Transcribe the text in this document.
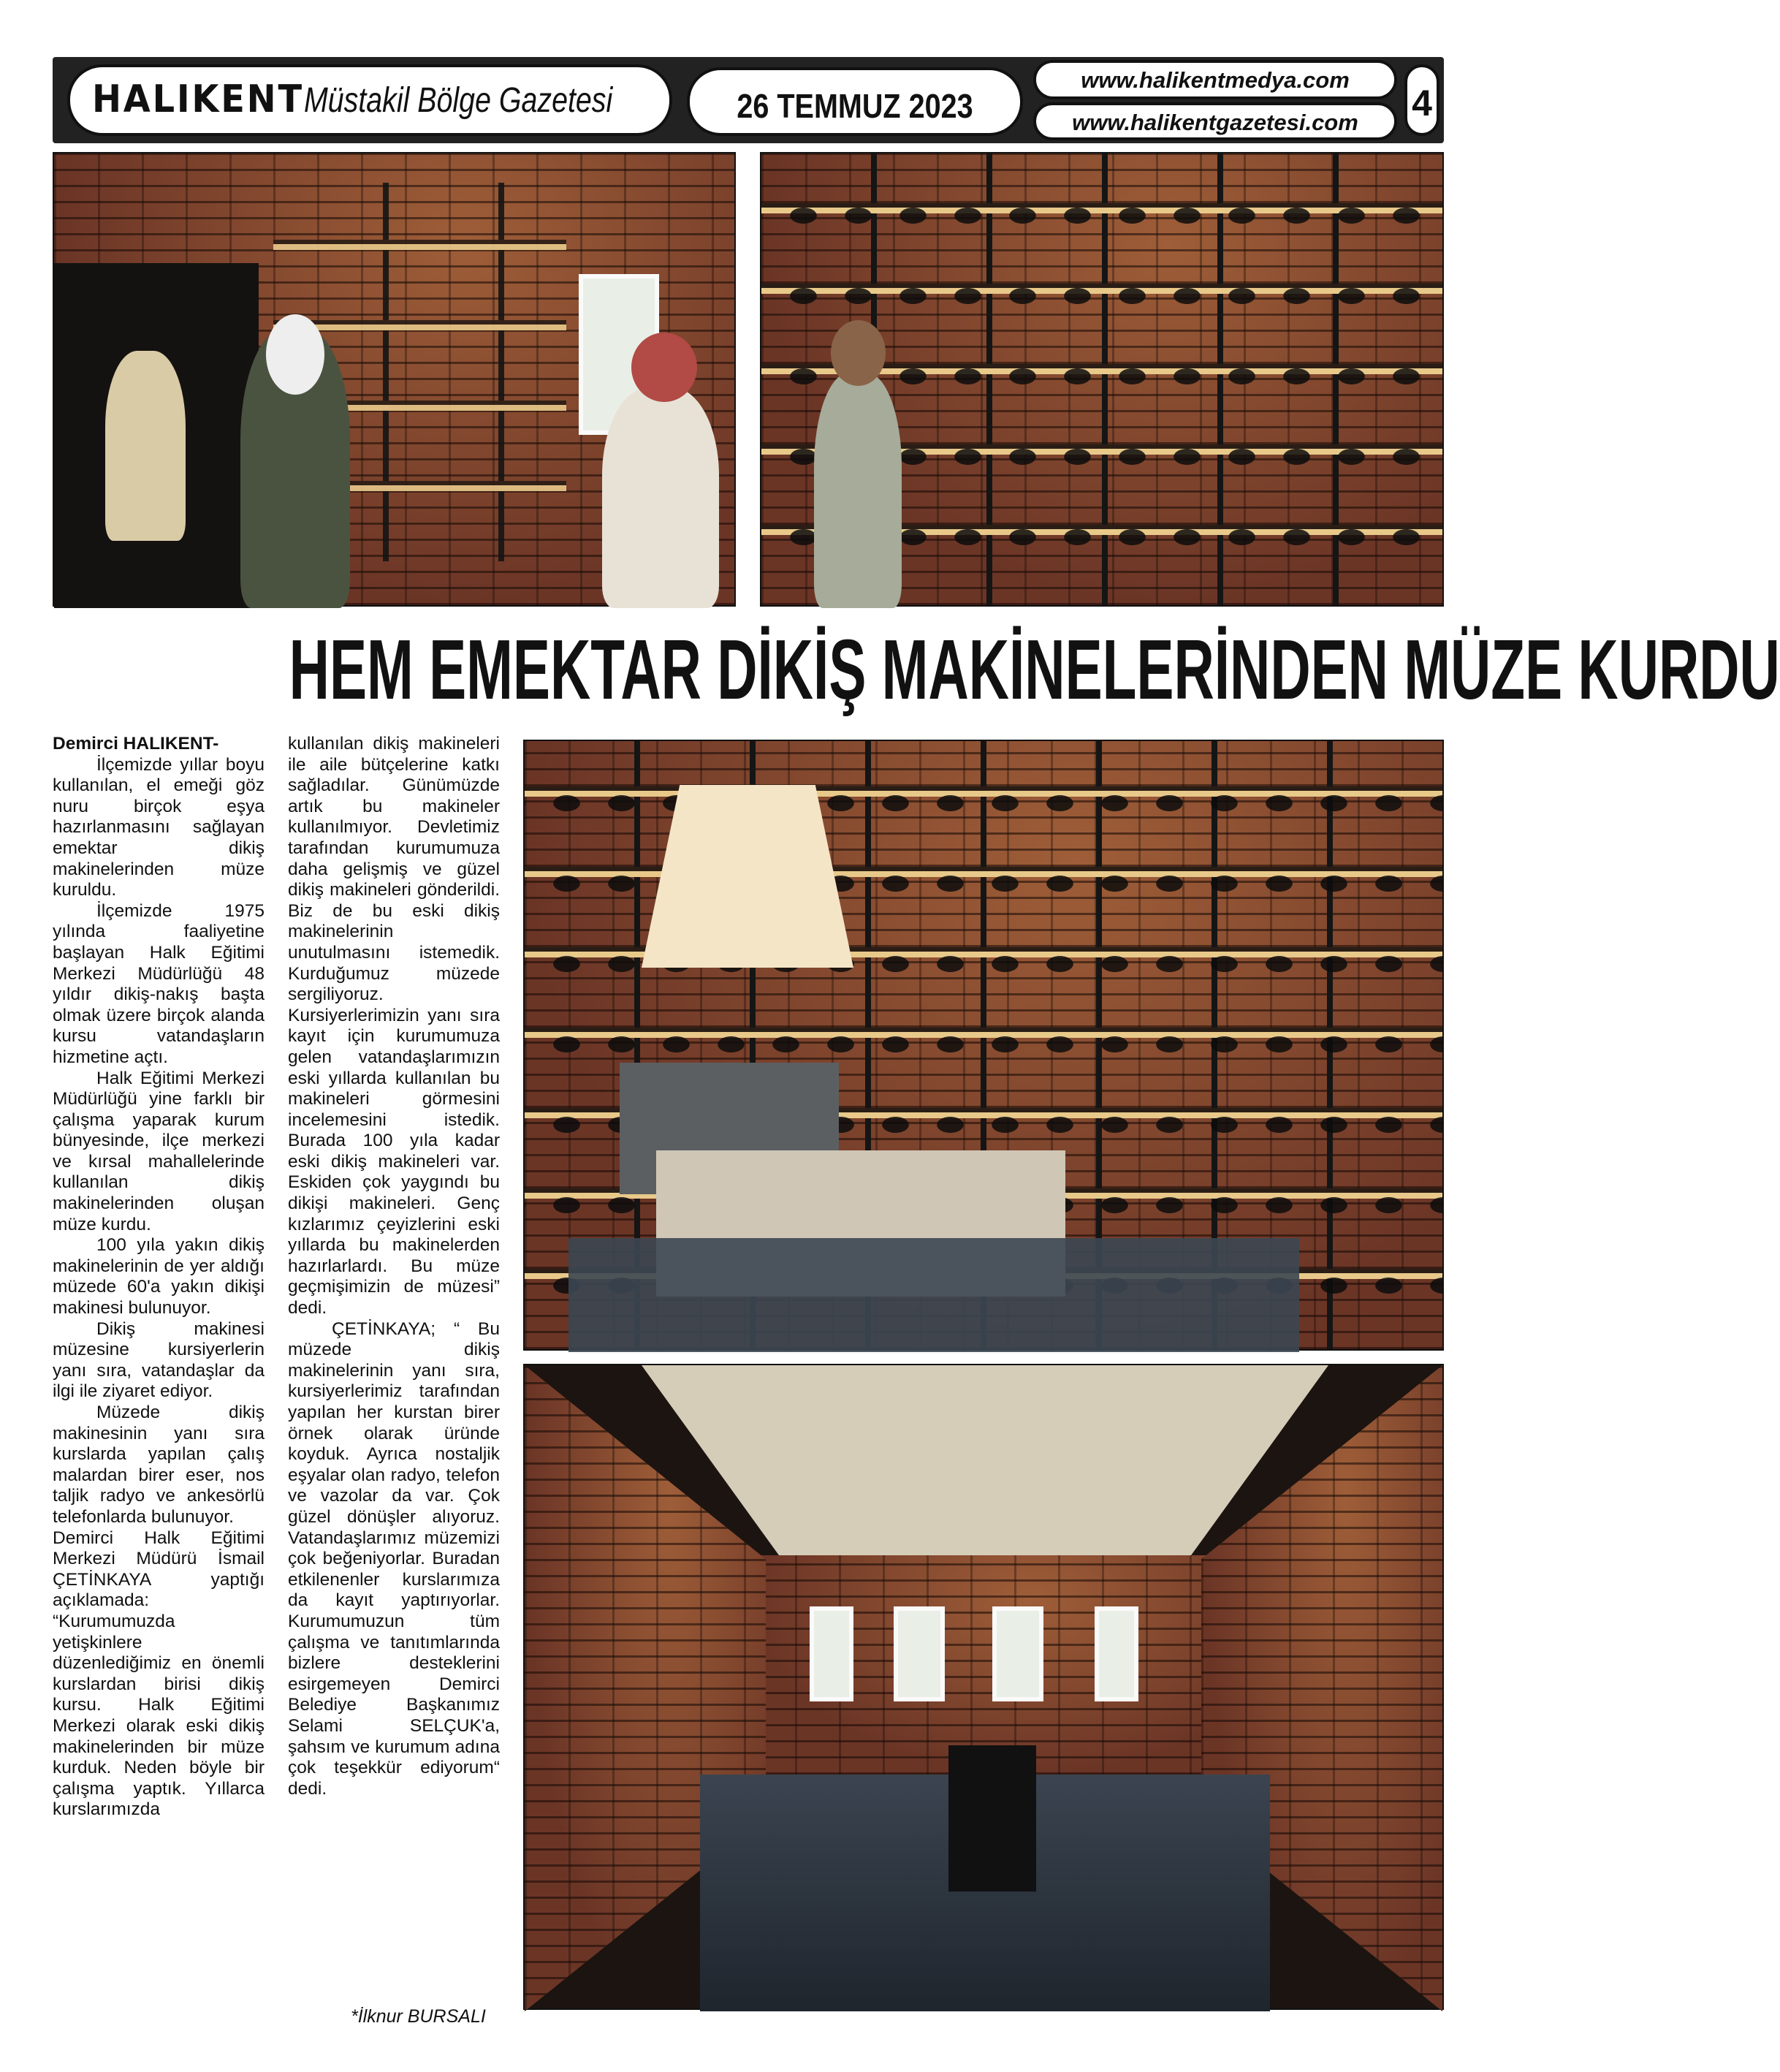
HALIKENT Müstakil Bölge Gazetesi	26 TEMMUZ 2023
www.halikentmedya.com
www.halikentgazetesi.com	4
HEM EMEKTAR DİKİŞ MAKİNELERİNDEN MÜZE KURDU

Demirci HALIKENT-

İlçemizde yıllar boyu kullanılan, el emeği göz nuru birçok eşya hazırlanmasını sağlayan emektar dikiş makinelerinden müze kuruldu.

İlçemizde 1975 yılında faaliyetine başlayan Halk Eğitimi Merkezi Müdürlüğü 48 yıldır dikiş-nakış başta olmak üzere birçok alanda kursu vatandaşların hizmetine açtı.

Halk Eğitimi Merkezi Müdürlüğü yine farklı bir çalışma yaparak kurum bünyesinde, ilçe merkezi ve kırsal mahallelerinde kullanılan dikiş makinelerinden oluşan müze kurdu.

100 yıla yakın dikiş makinelerinin de yer aldığı müzede 60'a yakın dikişi makinesi bulunuyor.

Dikiş makinesi müzesine kursiyerlerin yanı sıra, vatandaşlar da ilgi ile ziyaret ediyor.

Müzede dikiş makinesinin yanı sıra kurslarda yapılan çalış malardan birer eser, nos taljik radyo ve ankesörlü telefonlarda bulunuyor.

Demirci Halk Eğitimi Merkezi Müdürü İsmail ÇETİNKAYA yaptığı açıklamada: “Kurumumuzda yetişkinlere düzenlediğimiz en önemli kurslardan birisi dikiş kursu. Halk Eğitimi Merkezi olarak eski dikiş makinelerinden bir müze kurduk. Neden böyle bir çalışma yaptık. Yıllarca kurslarımızda

kullanılan dikiş makineleri ile aile bütçelerine katkı sağladılar. Günümüzde artık bu makineler kullanılmıyor. Devletimiz tarafından kurumumuza daha gelişmiş ve güzel dikiş makineleri gönderildi. Biz de bu eski dikiş makinelerinin unutulmasını istemedik. Kurduğumuz müzede sergiliyoruz. Kursiyerlerimizin yanı sıra kayıt için kurumumuza gelen vatandaşlarımızın eski yıllarda kullanılan bu makineleri görmesini incelemesini istedik. Burada 100 yıla kadar eski dikiş makineleri var. Eskiden çok yaygındı bu dikişi makineleri. Genç kızlarımız çeyizlerini eski yıllarda bu makinelerden hazırlarlardı. Bu müze geçmişimizin de müzesi” dedi.

ÇETİNKAYA; “ Bu müzede dikiş makinelerinin yanı sıra, kursiyerlerimiz tarafından yapılan her kurstan birer örnek olarak üründe koyduk. Ayrıca nostaljik eşyalar olan radyo, telefon ve vazolar da var. Çok güzel dönüşler alıyoruz. Vatandaşlarımız müzemizi çok beğeniyorlar. Buradan etkilenenler kurslarımıza da kayıt yaptırıyorlar. Kurumumuzun tüm çalışma ve tanıtımlarında bizlere desteklerini esirgemeyen Demirci Belediye Başkanımız Selami SELÇUK'a, şahsım ve kurumum adına çok teşekkür ediyorum“ dedi.

*İlknur BURSALI
